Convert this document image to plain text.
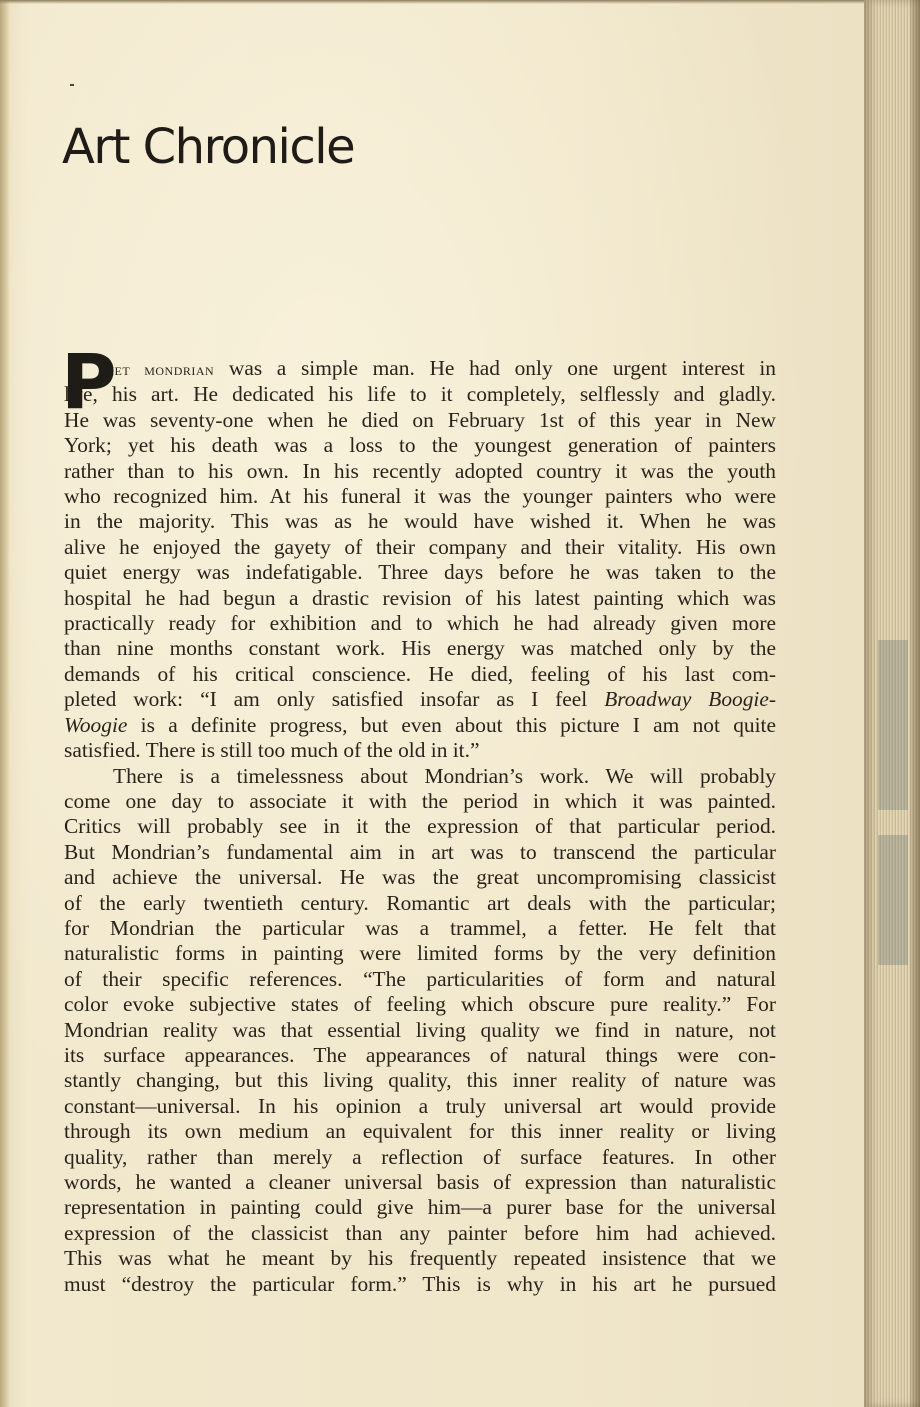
Art Chronicle

P
iet mondrian was a simple man. He had only one urgent interest in
life, his art. He dedicated his life to it completely, selflessly and gladly.
He was seventy-one when he died on February 1st of this year in New
York; yet his death was a loss to the youngest generation of painters
rather than to his own. In his recently adopted country it was the youth
who recognized him. At his funeral it was the younger painters who were
in the majority. This was as he would have wished it. When he was
alive he enjoyed the gayety of their company and their vitality. His own
quiet energy was indefatigable. Three days before he was taken to the
hospital he had begun a drastic revision of his latest painting which was
practically ready for exhibition and to which he had already given more
than nine months constant work. His energy was matched only by the
demands of his critical conscience. He died, feeling of his last com-
pleted work: “I am only satisfied insofar as I feel Broadway Boogie-
Woogie is a definite progress, but even about this picture I am not quite
satisfied. There is still too much of the old in it.”

There is a timelessness about Mondrian’s work. We will probably
come one day to associate it with the period in which it was painted.
Critics will probably see in it the expression of that particular period.
But Mondrian’s fundamental aim in art was to transcend the particular
and achieve the universal. He was the great uncompromising classicist
of the early twentieth century. Romantic art deals with the particular;
for Mondrian the particular was a trammel, a fetter. He felt that
naturalistic forms in painting were limited forms by the very definition
of their specific references. “The particularities of form and natural
color evoke subjective states of feeling which obscure pure reality.” For
Mondrian reality was that essential living quality we find in nature, not
its surface appearances. The appearances of natural things were con-
stantly changing, but this living quality, this inner reality of nature was
constant—universal. In his opinion a truly universal art would provide
through its own medium an equivalent for this inner reality or living
quality, rather than merely a reflection of surface features. In other
words, he wanted a cleaner universal basis of expression than naturalistic
representation in painting could give him—a purer base for the universal
expression of the classicist than any painter before him had achieved.
This was what he meant by his frequently repeated insistence that we
must “destroy the particular form.” This is why in his art he pursued
